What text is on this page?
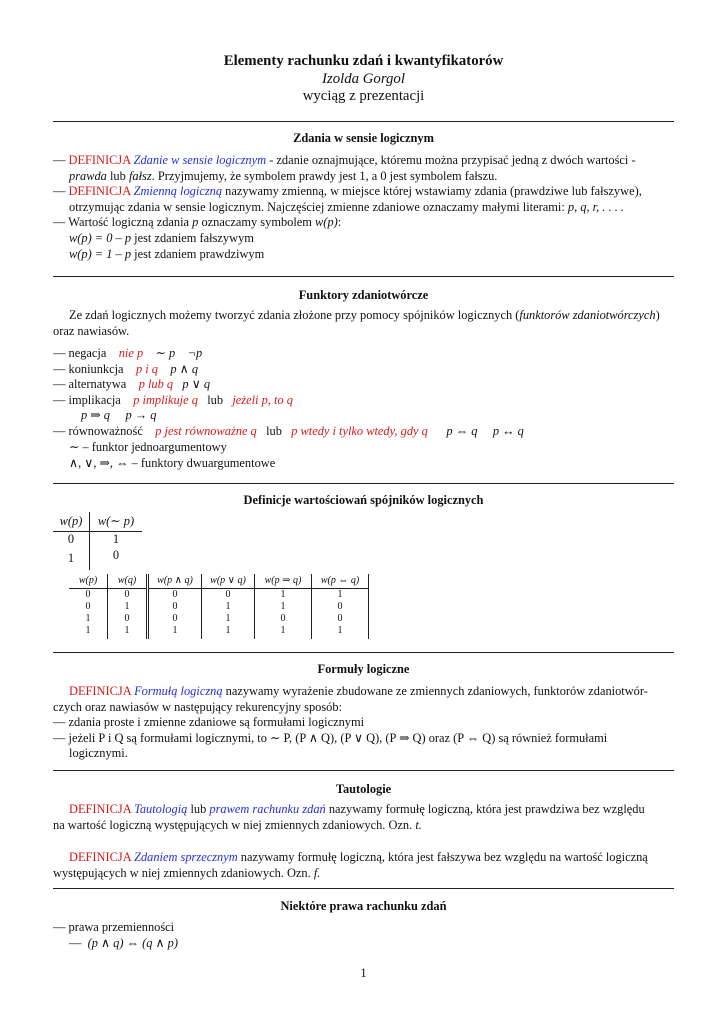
Elementy rachunku zdań i kwantyfikatorów
Izolda Gorgol
wyciąg z prezentacji
Zdania w sensie logicznym
— DEFINICJA Zdanie w sensie logicznym - zdanie oznajmujące, któremu można przypisać jedną z dwóch wartości -
prawda lub fałsz. Przyjmujemy, że symbolem prawdy jest 1, a 0 jest symbolem fałszu.
— DEFINICJA Zmienną logiczną nazywamy zmienną, w miejsce której wstawiamy zdania (prawdziwe lub fałszywe),
otrzymując zdania w sensie logicznym. Najczęściej zmienne zdaniowe oznaczamy małymi literami: p, q, r, . . . .
— Wartość logiczną zdania p oznaczamy symbolem w(p):
w(p) = 0 – p jest zdaniem fałszywym
w(p) = 1 – p jest zdaniem prawdziwym
Funktory zdaniotwórcze
Ze zdań logicznych możemy tworzyć zdania złożone przy pomocy spójników logicznych (funktorów zdaniotwórczych)
oraz nawiasów.
— negacja nie p ∼ p ¬p
— koniunkcja p i q p ∧ q
— alternatywa p lub q p ∨ q
— implikacja p implikuje q lub jeżeli p, to q
p ⇒ q p → q
— równoważność p jest równoważne q lub p wtedy i tylko wtedy, gdy q p ⇔ q p ↔ q
∼ – funktor jednoargumentowy
∧, ∨, ⇒, ⇔ – funktory dwuargumentowe
Definicje wartościowań spójników logicznych
w(p)	w(∼ p)
0	1
1	0
w(p)	w(q)	w(p ∧ q)	w(p ∨ q)	w(p ⇒ q)	w(p ⇔ q)
0	0	0	0	1	1
0	1	0	1	1	0
1	0	0	1	0	0
1	1	1	1	1	1
Formuły logiczne
DEFINICJA Formułą logiczną nazywamy wyrażenie zbudowane ze zmiennych zdaniowych, funktorów zdaniotwór-
czych oraz nawiasów w następujący rekurencyjny sposób:
— zdania proste i zmienne zdaniowe są formułami logicznymi
— jeżeli P i Q są formułami logicznymi, to ∼ P, (P ∧ Q), (P ∨ Q), (P ⇒ Q) oraz (P ⇔ Q) są również formułami
logicznymi.
Tautologie
DEFINICJA Tautologią lub prawem rachunku zdań nazywamy formułę logiczną, która jest prawdziwa bez względu
na wartość logiczną występujących w niej zmiennych zdaniowych. Ozn. t.
DEFINICJA Zdaniem sprzecznym nazywamy formułę logiczną, która jest fałszywa bez względu na wartość logiczną
występujących w niej zmiennych zdaniowych. Ozn. f.
Niektóre prawa rachunku zdań
— prawa przemienności
—  (p ∧ q) ⇔ (q ∧ p)
1
